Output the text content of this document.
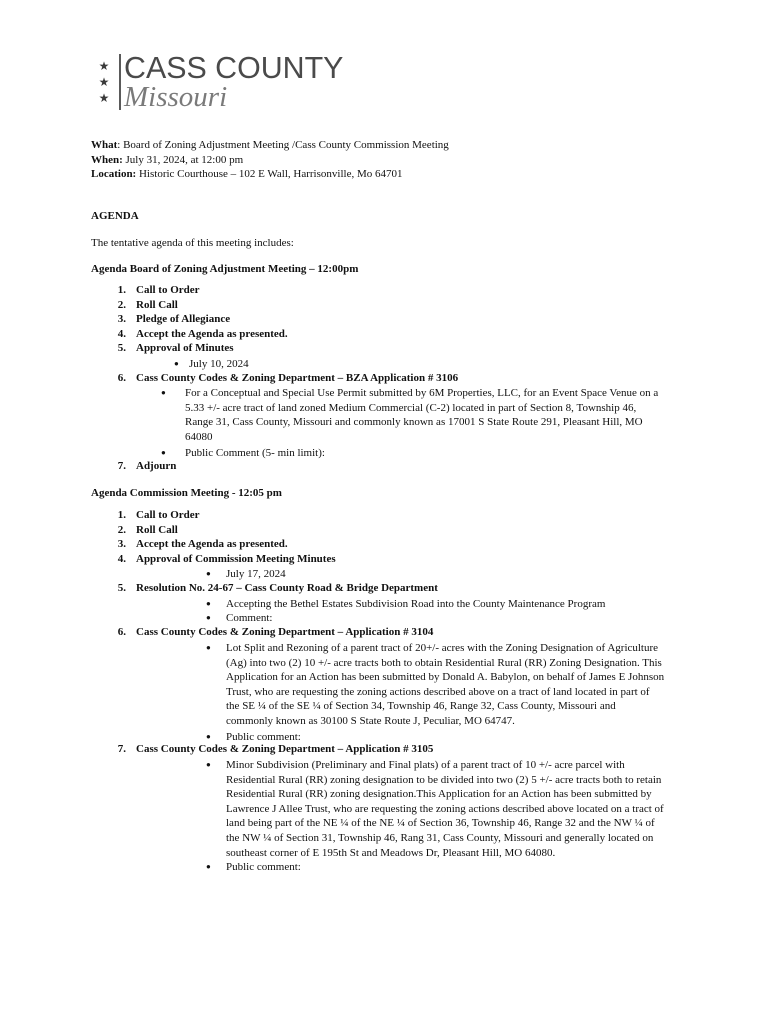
★
★
★
CASS COUNTY
Missouri
What: Board of Zoning Adjustment Meeting /Cass County Commission Meeting
When: July 31, 2024, at 12:00 pm
Location: Historic Courthouse – 102 E Wall, Harrisonville, Mo 64701
AGENDA
The tentative agenda of this meeting includes:
Agenda Board of Zoning Adjustment Meeting – 12:00pm
1. Call to Order
2. Roll Call
3. Pledge of Allegiance
4. Accept the Agenda as presented.
5. Approval of Minutes
● July 10, 2024
6. Cass County Codes & Zoning Department – BZA Application # 3106
● For a Conceptual and Special Use Permit submitted by 6M Properties, LLC, for an Event Space Venue on a
5.33 +/- acre tract of land zoned Medium Commercial (C-2) located in part of Section 8, Township 46,
Range 31, Cass County, Missouri and commonly known as 17001 S State Route 291, Pleasant Hill, MO
64080
● Public Comment (5- min limit):
7. Adjourn
Agenda Commission Meeting - 12:05 pm
1. Call to Order
2. Roll Call
3. Accept the Agenda as presented.
4. Approval of Commission Meeting Minutes
● July 17, 2024
5. Resolution No. 24-67 – Cass County Road & Bridge Department
● Accepting the Bethel Estates Subdivision Road into the County Maintenance Program
● Comment:
6. Cass County Codes & Zoning Department – Application # 3104
● Lot Split and Rezoning of a parent tract of 20+/- acres with the Zoning Designation of Agriculture
(Ag) into two (2) 10 +/- acre tracts both to obtain Residential Rural (RR) Zoning Designation. This
Application for an Action has been submitted by Donald A. Babylon, on behalf of James E Johnson
Trust, who are requesting the zoning actions described above on a tract of land located in part of
the SE ¼ of the SE ¼ of Section 34, Township 46, Range 32, Cass County, Missouri and
commonly known as 30100 S State Route J, Peculiar, MO 64747.
● Public comment:
7. Cass County Codes & Zoning Department – Application # 3105
● Minor Subdivision (Preliminary and Final plats) of a parent tract of 10 +/- acre parcel with
Residential Rural (RR) zoning designation to be divided into two (2) 5 +/- acre tracts both to retain
Residential Rural (RR) zoning designation.This Application for an Action has been submitted by
Lawrence J Allee Trust, who are requesting the zoning actions described above located on a tract of
land being part of the NE ¼ of the NE ¼ of Section 36, Township 46, Range 32 and the NW ¼ of
the NW ¼ of Section 31, Township 46, Rang 31, Cass County, Missouri and generally located on
southeast corner of E 195th St and Meadows Dr, Pleasant Hill, MO 64080.
● Public comment:
